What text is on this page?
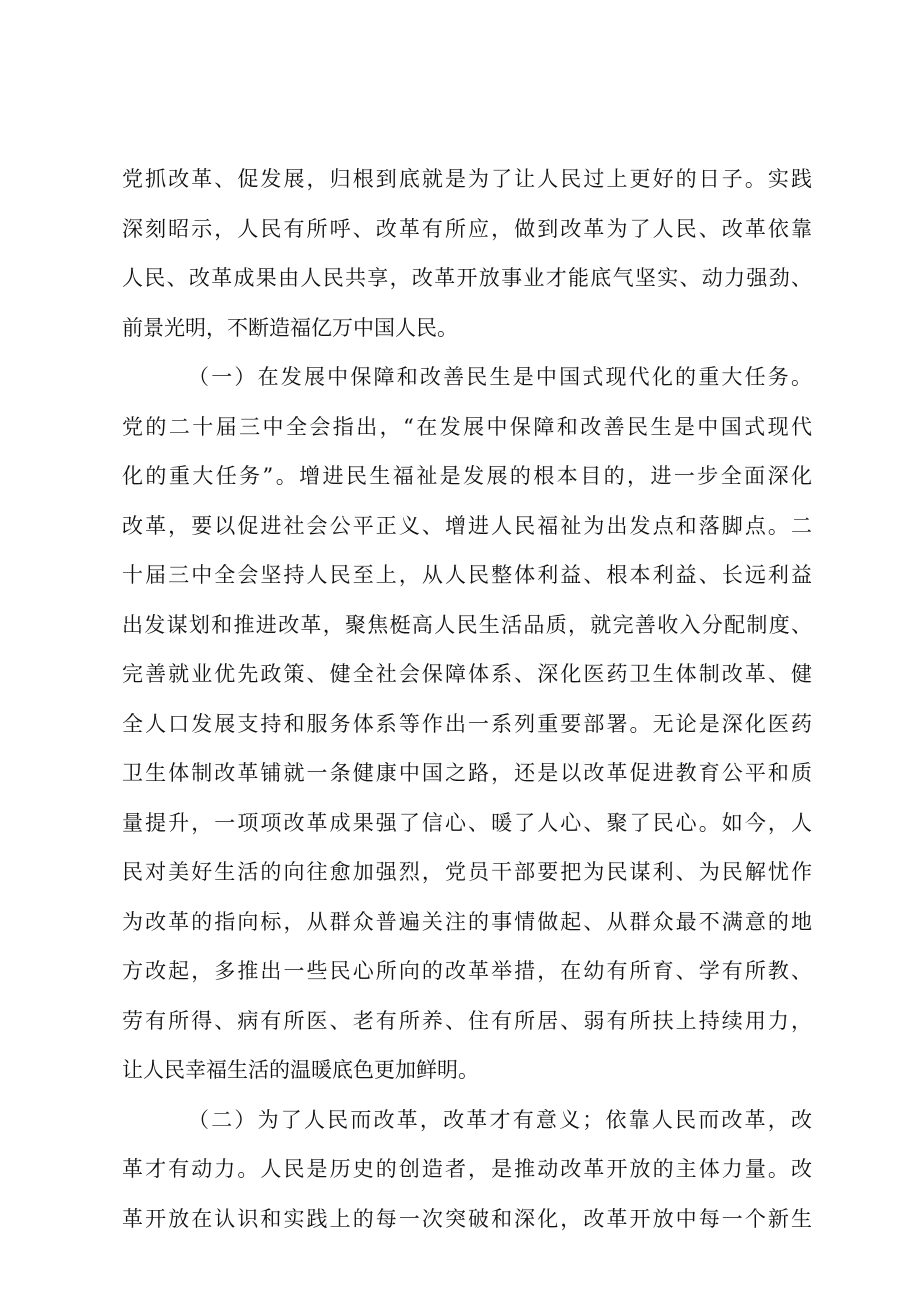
党抓改革、促发展，归根到底就是为了让人民过上更好的日子。实践
深刻昭示，人民有所呼、改革有所应，做到改革为了人民、改革依靠
人民、改革成果由人民共享，改革开放事业才能底气坚实、动力强劲、
前景光明，不断造福亿万中国人民。
（一）在发展中保障和改善民生是中国式现代化的重大任务。
党的二十届三中全会指出，“在发展中保障和改善民生是中国式现代
化的重大任务”。增进民生福祉是发展的根本目的，进一步全面深化
改革，要以促进社会公平正义、增进人民福祉为出发点和落脚点。二
十届三中全会坚持人民至上，从人民整体利益、根本利益、长远利益
出发谋划和推进改革，聚焦梃高人民生活品质，就完善收入分配制度、
完善就业优先政策、健全社会保障体系、深化医药卫生体制改革、健
全人口发展支持和服务体系等作出一系列重要部署。无论是深化医药
卫生体制改革铺就一条健康中国之路，还是以改革促进教育公平和质
量提升，一项项改革成果强了信心、暖了人心、聚了民心。如今，人
民对美好生活的向往愈加强烈，党员干部要把为民谋利、为民解忧作
为改革的指向标，从群众普遍关注的事情做起、从群众最不满意的地
方改起，多推出一些民心所向的改革举措，在幼有所育、学有所教、
劳有所得、病有所医、老有所养、住有所居、弱有所扶上持续用力，
让人民幸福生活的温暖底色更加鲜明。
（二）为了人民而改革，改革才有意义；依靠人民而改革，改
革才有动力。人民是历史的创造者，是推动改革开放的主体力量。改
革开放在认识和实践上的每一次突破和深化，改革开放中每一个新生
